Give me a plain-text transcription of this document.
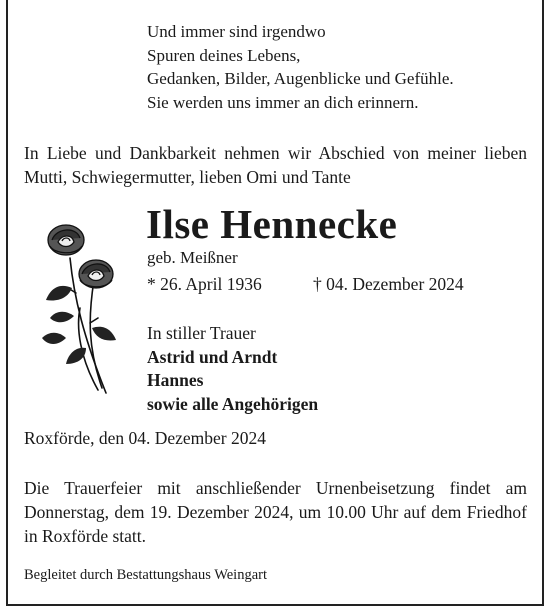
Und immer sind irgendwo
Spuren deines Lebens,
Gedanken, Bilder, Augenblicke und Gefühle.
Sie werden uns immer an dich erinnern.
In Liebe und Dankbarkeit nehmen wir Abschied von meiner lieben Mutti, Schwiegermutter, lieben Omi und Tante
Ilse Hennecke
geb. Meißner
* 26. April 1936	† 04. Dezember 2024
In stiller Trauer
Astrid und Arndt
Hannes
sowie alle Angehörigen
Roxförde, den 04. Dezember 2024
Die Trauerfeier mit anschließender Urnenbeisetzung findet am Donnerstag, dem 19. Dezember 2024, um 10.00 Uhr auf dem Friedhof in Roxförde statt.
Begleitet durch Bestattungshaus Weingart
